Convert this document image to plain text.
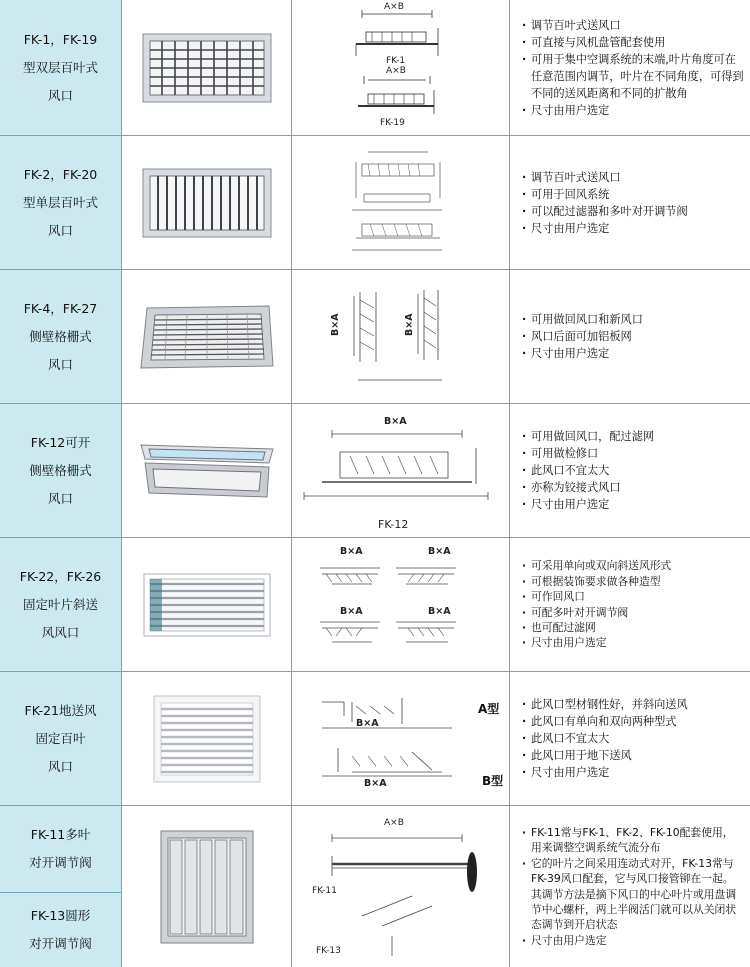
FK-1，FK-19
型双层百叶式
风口
A×B
FK-1
A×B
FK-19
· 调节百叶式送风口
· 可直接与风机盘管配套使用
· 可用于集中空调系统的末端,叶片角度可在任意范围内调节，叶片在不同角度，可得到不同的送风距离和不同的扩散角
· 尺寸由用户选定
FK-2，FK-20
型单层百叶式
风口
· 调节百叶式送风口
· 可用于回风系统
· 可以配过滤器和多叶对开调节阀
· 尺寸由用户选定
FK-4，FK-27
侧壁格栅式
风口
B×A	B×A
·	可用做回风口和新风口
· 风口后面可加铝板网
· 尺寸由用户选定
FK-12可开
侧壁格栅式
风口
B×A
FK-12
· 可用做回风口，配过滤网
· 可用做检修口
· 此风口不宜太大
· 亦称为铰接式风口
· 尺寸由用户选定
FK-22，FK-26
固定叶片斜送
风风口
B×A	B×A
B×A	B×A
· 可采用单向或双向斜送风形式
· 可根据装饰要求做各种造型
· 可作回风口
· 可配多叶对开调节阀
· 也可配过滤网
· 尺寸由用户选定
FK-21地送风
固定百叶
风口
B×A
B×A
A型
B型
· 此风口型材钢性好，并斜向送风
· 此风口有单向和双向两种型式
· 此风口不宜太大
· 此风口用于地下送风
· 尺寸由用户选定
FK-11多叶
对开调节阀
FK-13圆形
对开调节阀
A×B
FK-11
FK-13
· FK-11常与FK-1、FK-2、FK-10配套使用，用来调整空调系统气流分布
· 它的叶片之间采用连动式对开，FK-13常与FK-39风口配套，它与风口接管铆在一起。其调节方法是摘下风口的中心叶片或用盘调节中心螺杆，两上半阀活门就可以从关闭状态调节到开启状态
· 尺寸由用户选定
